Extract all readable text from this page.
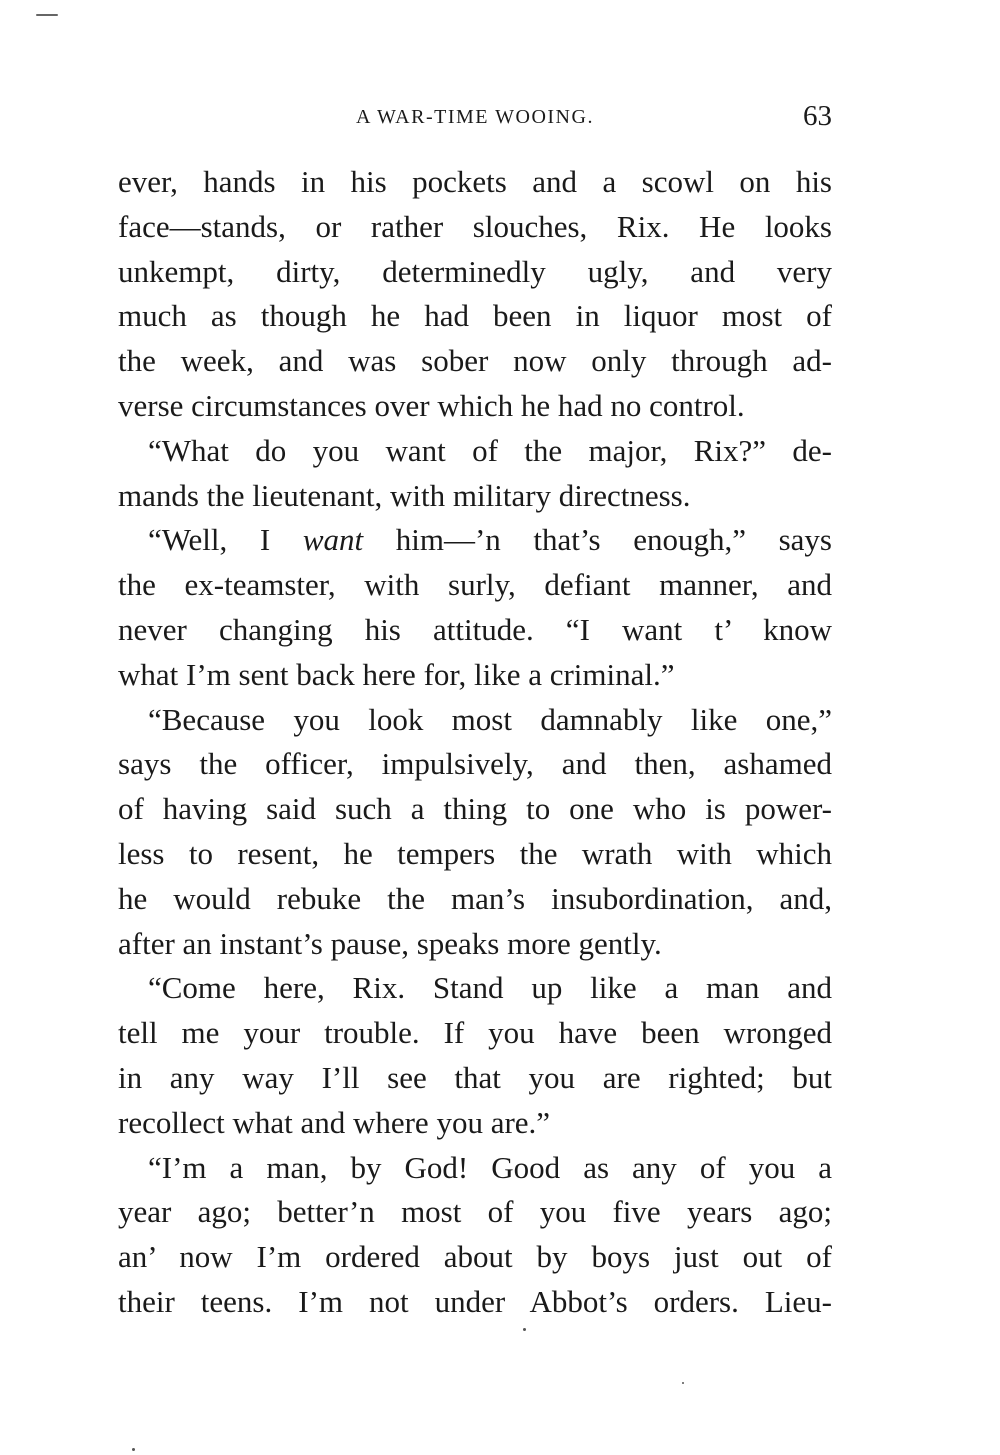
A WAR-TIME WOOING.	63
ever, hands in his pockets and a scowl on his
face—stands, or rather slouches, Rix. He looks
unkempt, dirty, determinedly ugly, and very
much as though he had been in liquor most of
the week, and was sober now only through ad-
verse circumstances over which he had no control.
“What do you want of the major, Rix?” de-
mands the lieutenant, with military directness.
“Well, I want him—’n that’s enough,” says
the ex-teamster, with surly, defiant manner, and
never changing his attitude. “I want t’ know
what I’m sent back here for, like a criminal.”
“Because you look most damnably like one,”
says the officer, impulsively, and then, ashamed
of having said such a thing to one who is power-
less to resent, he tempers the wrath with which
he would rebuke the man’s insubordination, and,
after an instant’s pause, speaks more gently.
“Come here, Rix. Stand up like a man and
tell me your trouble. If you have been wronged
in any way I’ll see that you are righted; but
recollect what and where you are.”
“I’m a man, by God! Good as any of you a
year ago; better’n most of you five years ago;
an’ now I’m ordered about by boys just out of
their teens. I’m not under Abbot’s orders. Lieu-
